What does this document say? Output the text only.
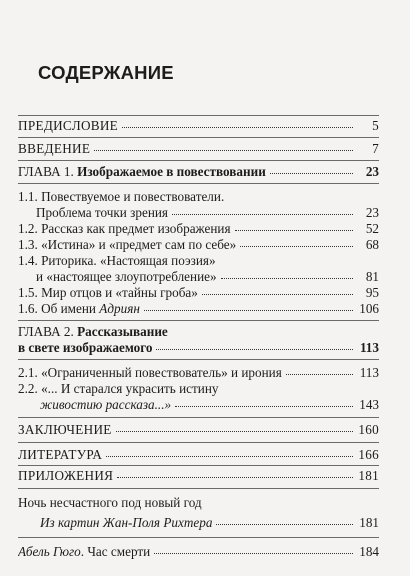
СОДЕРЖАНИЕ
ПРЕДИСЛОВИЕ	5
ВВЕДЕНИЕ	7
ГЛАВА 1. Изображаемое в повествовании	23
1.1. Повествуемое и повествователи.
Проблема точки зрения	23
1.2. Рассказ как предмет изображения	52
1.3. «Истина» и «предмет сам по себе»	68
1.4. Риторика. «Настоящая поэзия»
и «настоящее злоупотребление»	81
1.5. Мир отцов и «тайны гроба»	95
1.6. Об имени Адриян	106
ГЛАВА 2. Рассказывание
в свете изображаемого	113
2.1. «Ограниченный повествователь» и ирония	113
2.2. «... И старался украсить истину
живостию рассказа...»	143
ЗАКЛЮЧЕНИЕ	160
ЛИТЕРАТУРА	166
ПРИЛОЖЕНИЯ	181
Ночь несчастного под новый год
Из картин Жан-Поля Рихтера	181
Абель Гюго. Час смерти	184
